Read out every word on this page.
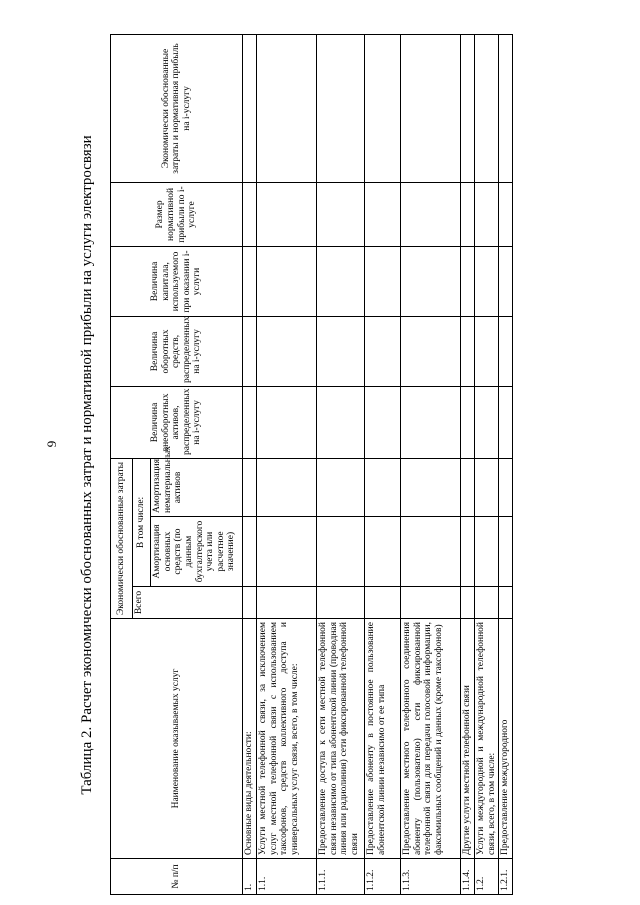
9	Таблица 2. Расчет экономически обоснованных затрат и нормативной прибыли на услуги электросвязи
№ п/п	Наименование оказываемых услуг	Экономически обоснованные затраты			Величина внеоборотных активов, распределенных на i-услугу	Величина оборотных средств, распределенных на i-услугу	Величина капитала, используемого при оказании i-услуги	Размер нормативной прибыли по i-услуге	Экономически обоснованные затраты и нормативная прибыль на i-услугу
		Всего	В том числе:						
			Амортизация основных средств (по данным бухгалтерского учета или расчетное значение)	Амортизация нематериальных активов					
1.	Основные виды деятельности:								
1.1.	Услуги местной телефонной связи, за исключением услуг местной телефонной связи с использованием таксофонов, средств коллективного доступа и универсальных услуг связи, всего, в том числе:								
1.1.1.	Предоставление доступа к сети местной телефонной связи независимо от типа абонентской линии (проводная линия или радиолиния) сети фиксированной телефонной связи								
1.1.2.	Предоставление абоненту в постоянное пользование абонентской линии независимо от ее типа								
1.1.3.	Предоставление местного телефонного соединения абоненту (пользователю) сети фиксированной телефонной связи для передачи голосовой информации, факсимильных сообщений и данных (кроме таксофонов)								
1.1.4.	Другие услуги местной телефонной связи								
1.2.	Услуги междугородной и международной телефонной связи, всего, в том числе:								
1.2.1.	Предоставление междугородного								
